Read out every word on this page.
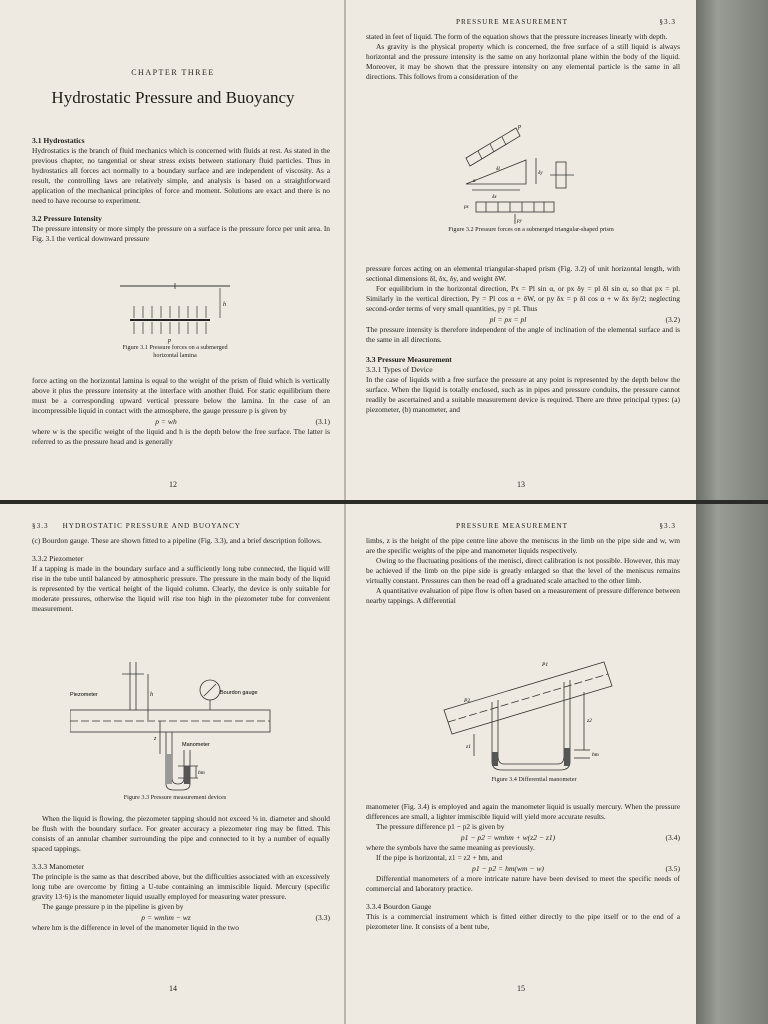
CHAPTER THREE
Hydrostatic Pressure and Buoyancy

3.1 Hydrostatics

Hydrostatics is the branch of fluid mechanics which is concerned with fluids at rest. As stated in the previous chapter, no tangential or shear stress exists between stationary fluid particles. Thus in hydrostatics all forces act normally to a boundary surface and are independent of viscosity. As a result, the controlling laws are relatively simple, and analysis is based on a straightforward application of the mechanical principles of force and moment. Solutions are exact and there is no need to have recourse to experiment.

3.2 Pressure Intensity

The pressure intensity or more simply the pressure on a surface is the pressure force per unit area. In Fig. 3.1 the vertical downward pressure

h
p
Figure 3.1 Pressure forces on a submerged horizontal lamina

force acting on the horizontal lamina is equal to the weight of the prism of fluid which is vertically above it plus the pressure intensity at the interface with another fluid. For static equilibrium there must be a corresponding upward vertical pressure below the lamina. In the case of an incompressible liquid in contact with the atmosphere, the gauge pressure p is given by

p = wh	(3.1)

where w is the specific weight of the liquid and h is the depth below the free surface. The latter is referred to as the pressure head and is generally

12
PRESSURE MEASUREMENT	§3.3

stated in feet of liquid. The form of the equation shows that the pressure increases linearly with depth.

As gravity is the physical property which is concerned, the free surface of a still liquid is always horizontal and the pressure intensity is the same on any horizontal plane within the body of the liquid. Moreover, it may be shown that the pressure intensity on any elemental particle is the same in all directions. This follows from a consideration of the

p
δl
δy
δx
py
px
α
Figure 3.2 Pressure forces on a submerged triangular-shaped prism

pressure forces acting on an elemental triangular-shaped prism (Fig. 3.2) of unit horizontal length, with sectional dimensions δl, δx, δy, and weight δW.

For equilibrium in the horizontal direction, Px = Pl sin α, or px δy = pl δl sin α, so that px = pl. Similarly in the vertical direction, Py = Pl cos α + δW, or py δx = p δl cos α + w δx δy/2; neglecting second-order terms of very small quantities, py = pl. Thus

pl = px = pl	(3.2)

The pressure intensity is therefore independent of the angle of inclination of the elemental surface and is the same in all directions.

3.3 Pressure Measurement

3.3.1 Types of Device

In the case of liquids with a free surface the pressure at any point is represented by the depth below the surface. When the liquid is totally enclosed, such as in pipes and pressure conduits, the pressure cannot readily be ascertained and a suitable measurement device is required. There are three principal types: (a) piezometer, (b) manometer, and

13
§3.3 HYDROSTATIC PRESSURE AND BUOYANCY

(c) Bourdon gauge. These are shown fitted to a pipeline (Fig. 3.3), and a brief description follows.

3.3.2 Piezometer

If a tapping is made in the boundary surface and a sufficiently long tube connected, the liquid will rise in the tube until balanced by atmospheric pressure. The pressure in the main body of the liquid is represented by the vertical height of the liquid column. Clearly, the device is only suitable for moderate pressures, otherwise the liquid will rise too high in the piezometer tube for convenient measurement.

Piezometer	Bourdon gauge
Manometer
h
z
hm
Figure 3.3 Pressure measurement devices

When the liquid is flowing, the piezometer tapping should not exceed ⅛ in. diameter and should be flush with the boundary surface. For greater accuracy a piezometer ring may be fitted. This consists of an annular chamber surrounding the pipe and connected to it by a number of equally spaced tappings.

3.3.3 Manometer

The principle is the same as that described above, but the difficulties associated with an excessively long tube are overcome by fitting a U-tube containing an immiscible liquid. Mercury (specific gravity 13·6) is the manometer liquid usually employed for measuring water pressure.

The gauge pressure p in the pipeline is given by

p = wmhm − wz	(3.3)

where hm is the difference in level of the manometer liquid in the two

14
PRESSURE MEASUREMENT	§3.3

limbs, z is the height of the pipe centre line above the meniscus in the limb on the pipe side and w, wm are the specific weights of the pipe and manometer liquids respectively.

Owing to the fluctuating positions of the menisci, direct calibration is not possible. However, this may be achieved if the limb on the pipe side is greatly enlarged so that the level of the meniscus remains virtually constant. Pressures can then be read off a graduated scale attached to the other limb.

A quantitative evaluation of pipe flow is often based on a measurement of pressure difference between nearby tappings. A differential

P1
P2
z1
z2
hm
Figure 3.4 Differential manometer

manometer (Fig. 3.4) is employed and again the manometer liquid is usually mercury. When the pressure differences are small, a lighter immiscible liquid will yield more accurate results.

The pressure difference p1 − p2 is given by

p1 − p2 = wmhm + w(z2 − z1)	(3.4)

where the symbols have the same meaning as previously.

If the pipe is horizontal, z1 = z2 + hm, and

p1 − p2 = hm(wm − w)	(3.5)

Differential manometers of a more intricate nature have been devised to meet the specific needs of commercial and laboratory practice.

3.3.4 Bourdon Gauge

This is a commercial instrument which is fitted either directly to the pipe itself or to the end of a piezometer line. It consists of a bent tube,

15
